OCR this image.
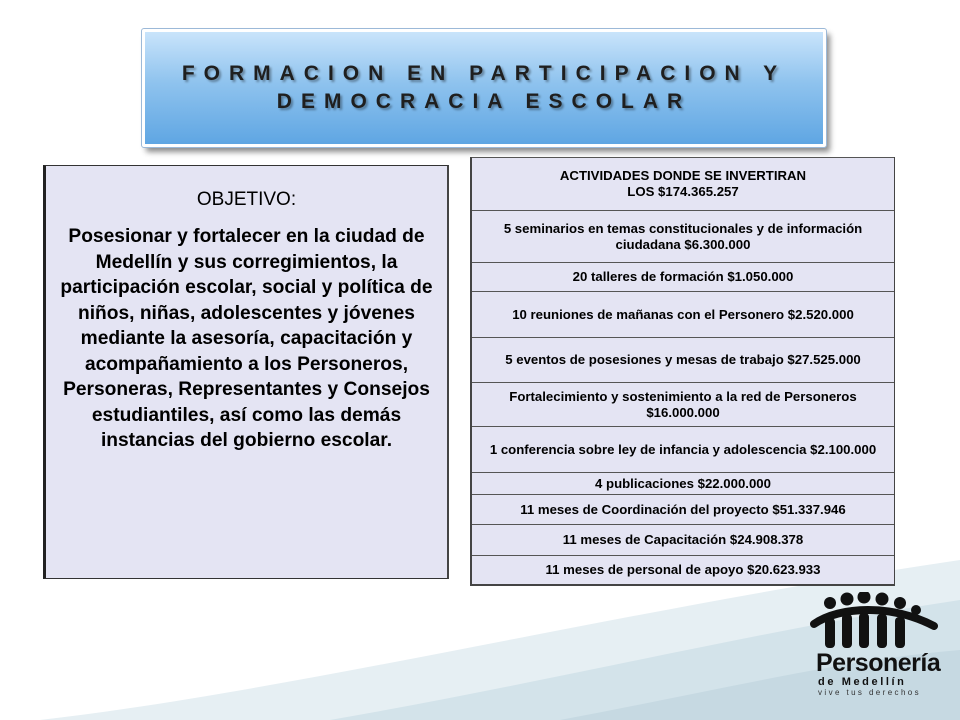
FORMACION EN PARTICIPACION Y
DEMOCRACIA ESCOLAR
OBJETIVO:
Posesionar y fortalecer en la ciudad de Medellín y sus corregimientos, la participación escolar, social y política de niños, niñas, adolescentes y jóvenes mediante la asesoría, capacitación y acompañamiento a los Personeros, Personeras, Representantes y Consejos estudiantiles, así como las demás instancias del gobierno escolar.
ACTIVIDADES DONDE SE INVERTIRAN
LOS $174.365.257
5 seminarios en temas constitucionales y de información ciudadana $6.300.000
20 talleres de formación $1.050.000
10 reuniones de mañanas con el Personero $2.520.000
5 eventos de posesiones y mesas de trabajo $27.525.000
Fortalecimiento y sostenimiento a la red de Personeros $16.000.000
1 conferencia sobre ley de infancia y adolescencia $2.100.000
4 publicaciones $22.000.000
11 meses de Coordinación del proyecto $51.337.946
11 meses de Capacitación $24.908.378
11 meses de personal de apoyo $20.623.933
Personería
de Medellín
vive tus derechos
